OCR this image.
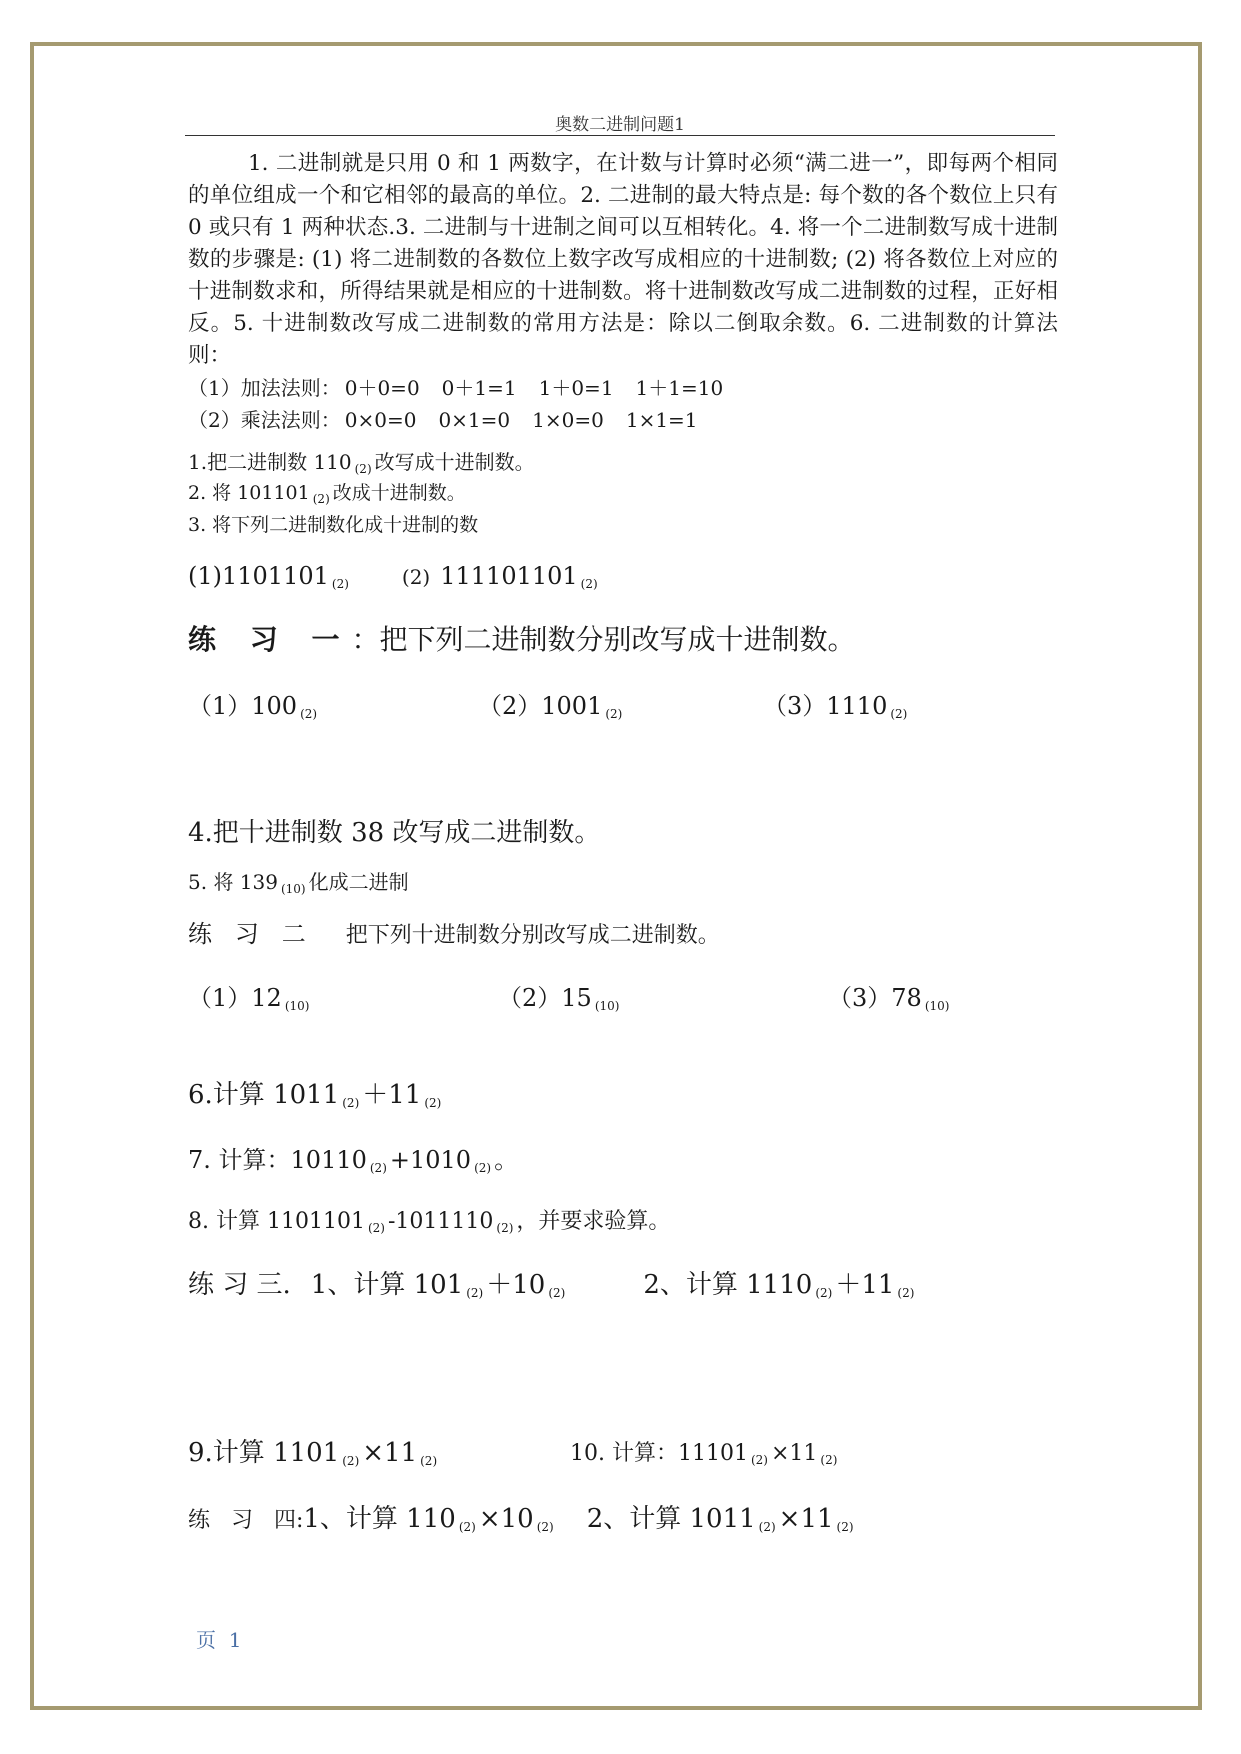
奥数二进制问题1

1. 二进制就是只用 0 和 1 两数字，在计数与计算时必须“满二进一”，即每两个相同的单位组成一个和它相邻的最高的单位。2. 二进制的最大特点是: 每个数的各个数位上只有 0 或只有 1 两种状态.3. 二进制与十进制之间可以互相转化。4. 将一个二进制数写成十进制数的步骤是: (1) 将二进制数的各数位上数字改写成相应的十进制数; (2) 将各数位上对应的十进制数求和，所得结果就是相应的十进制数。将十进制数改写成二进制数的过程，正好相反。5. 十进制数改写成二进制数的常用方法是：除以二倒取余数。6. 二进制数的计算法则：

（1）加法法则： 0＋0=0 0＋1=1 1＋0=1 1＋1=10

（2）乘法法则： 0×0=0 0×1=0 1×0=0 1×1=1

1.把二进制数 110 $_{(2)}$ 改写成十进制数。
2. 将 101101 $_{(2)}$ 改成十进制数。
3. 将下列二进制数化成十进制的数
(1)1101101 $_{(2)}$	(2) 111101101 $_{(2)}$
练 习 一：把下列二进制数分别改写成十进制数。
（1）100 $_{(2)}$	（2）1001 $_{(2)}$	（3）1110 $_{(2)}$
4.把十进制数 38 改写成二进制数。
5. 将 139 $_{(10)}$ 化成二进制
练   习   二 把下列十进制数分别改写成二进制数。
（1）12 $_{(10)}$	（2）15 $_{(10)}$	（3）78 $_{(10)}$
6.计算 1011 $_{(2)}$ ＋11 $_{(2)}$
7. 计算：10110 $_{(2)}$ +1010 $_{(2)}$ 。
8. 计算 1101101 $_{(2)}$ -1011110 $_{(2)}$ ，并要求验算。
练 习 三. 1、计算 101 $_{(2)}$ ＋10 $_{(2)}$	2、计算 1110 $_{(2)}$ ＋11 $_{(2)}$
9.计算 1101 $_{(2)}$ ×11 $_{(2)}$	10. 计算：11101 $_{(2)}$ ×11 $_{(2)}$
练   习   四:1、计算 110 $_{(2)}$ ×10 $_{(2)}$ 2、计算 1011 $_{(2)}$ ×11 $_{(2)}$
页  1
